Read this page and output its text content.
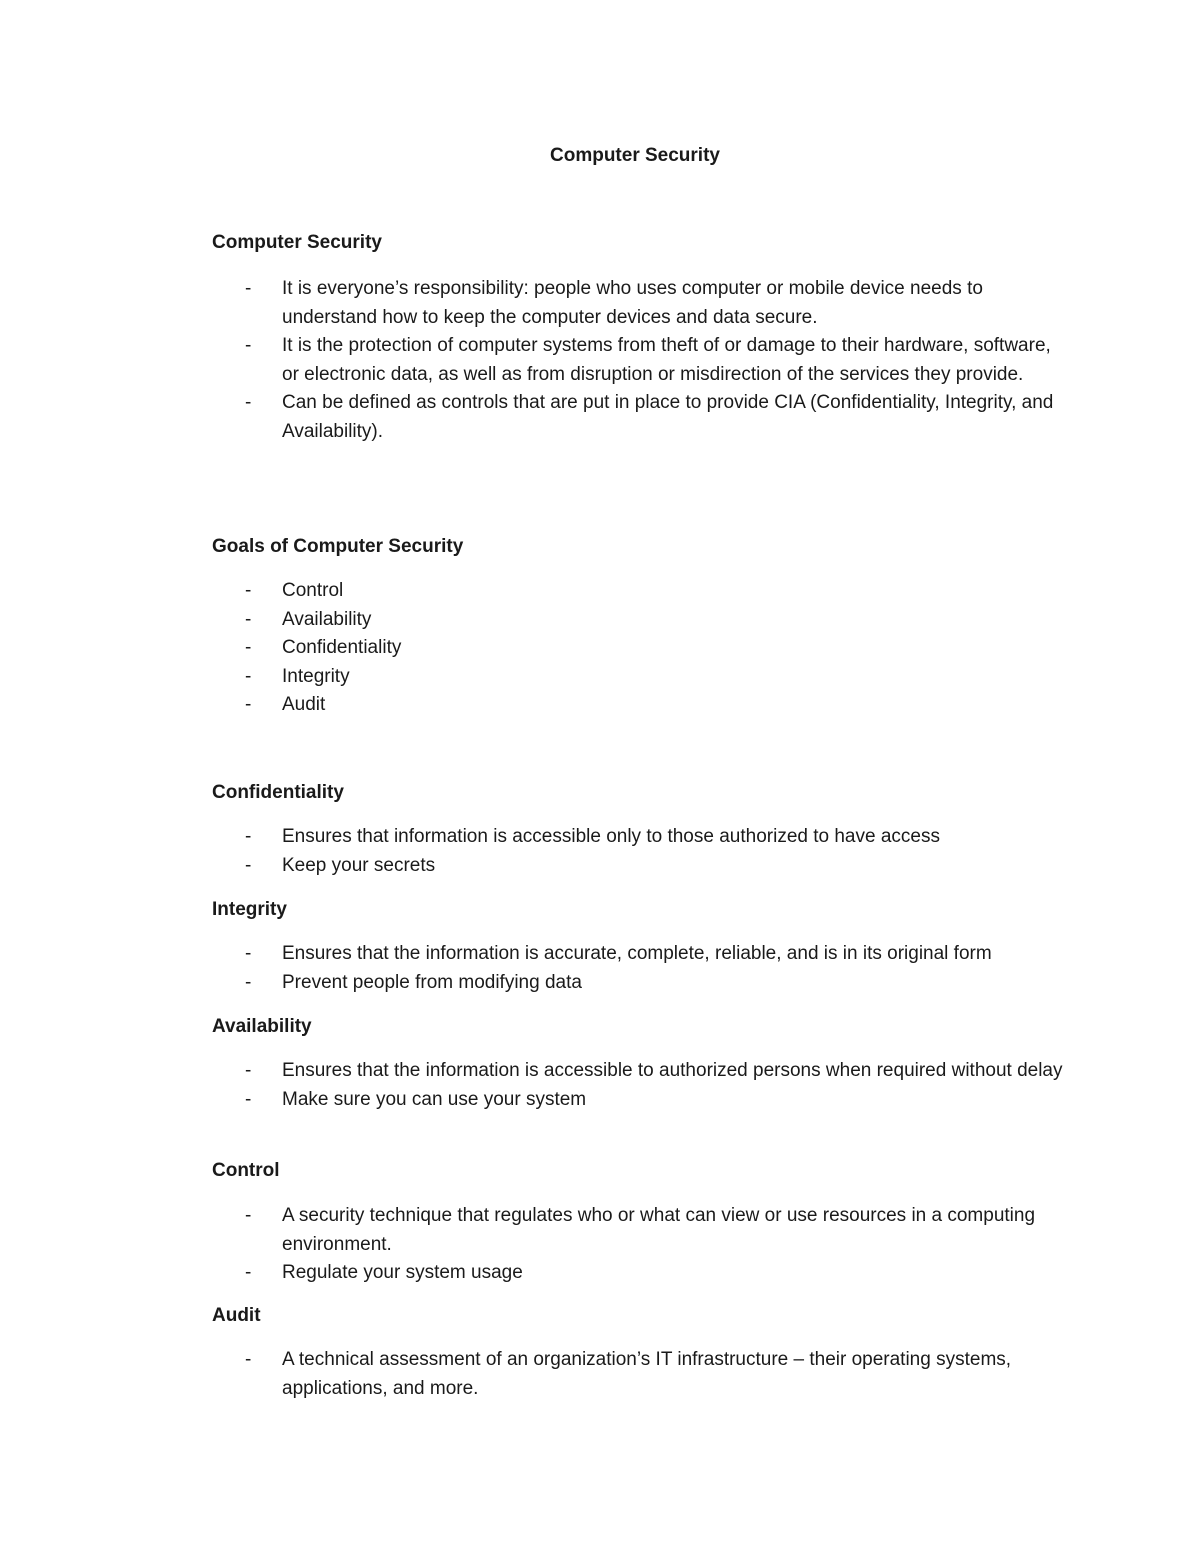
Computer Security
Computer Security
- It is everyone’s responsibility: people who uses computer or mobile device needs to understand how to keep the computer devices and data secure.
- It is the protection of computer systems from theft of or damage to their hardware, software, or electronic data, as well as from disruption or misdirection of the services they provide.
- Can be defined as controls that are put in place to provide CIA (Confidentiality, Integrity, and Availability).
Goals of Computer Security
- Control
- Availability
- Confidentiality
- Integrity
- Audit
Confidentiality
- Ensures that information is accessible only to those authorized to have access
- Keep your secrets
Integrity
- Ensures that the information is accurate, complete, reliable, and is in its original form
- Prevent people from modifying data
Availability
- Ensures that the information is accessible to authorized persons when required without delay
- Make sure you can use your system
Control
- A security technique that regulates who or what can view or use resources in a computing environment.
- Regulate your system usage
Audit
- A technical assessment of an organization’s IT infrastructure – their operating systems, applications, and more.
